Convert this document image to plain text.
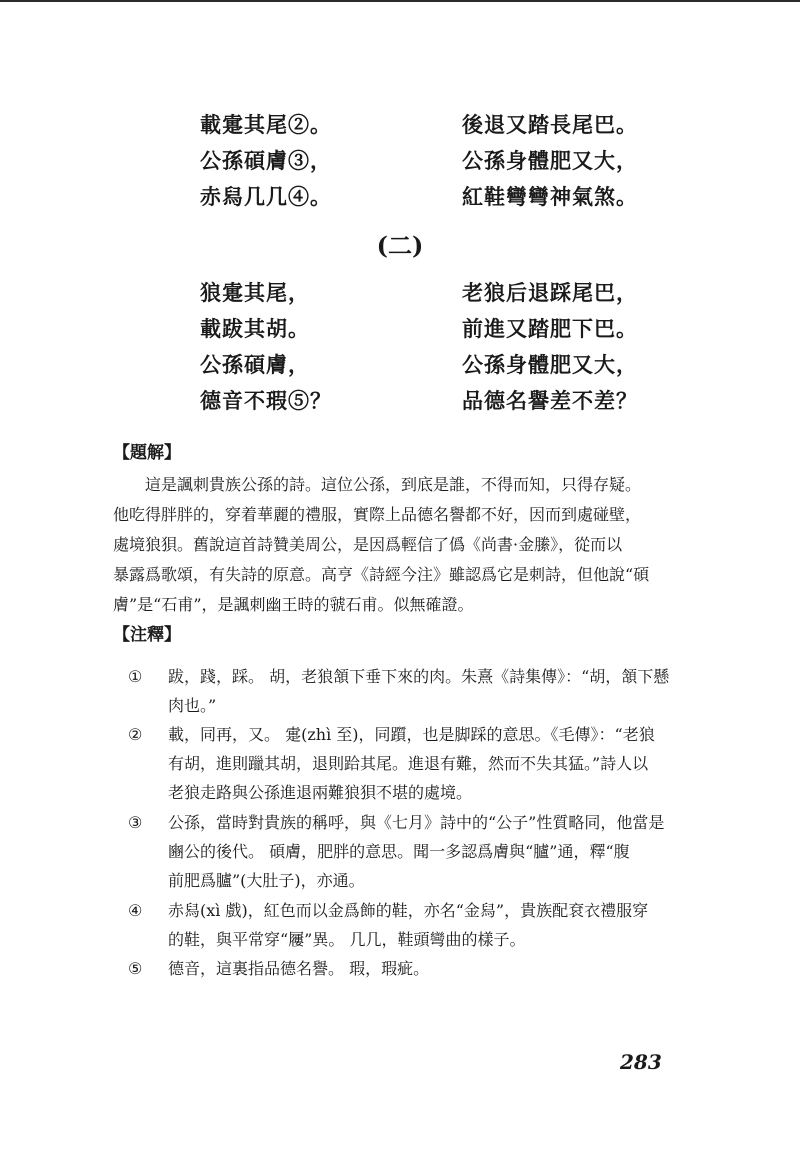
載疐其尾②。	後退又踏長尾巴。
公孫碩膚③，	公孫身體肥又大，
赤舄几几④。	紅鞋彎彎神氣煞。
(二)
狼疐其尾，	老狼后退踩尾巴，
載跋其胡。	前進又踏肥下巴。
公孫碩膚，	公孫身體肥又大，
德音不瑕⑤？	品德名譽差不差？
【題解】
這是諷刺貴族公孫的詩。這位公孫，到底是誰，不得而知，只得存疑。
他吃得胖胖的，穿着華麗的禮服，實際上品德名譽都不好，因而到處碰壁，
處境狼狽。舊說這首詩贊美周公，是因爲輕信了僞《尚書·金縢》，從而以
暴露爲歌頌，有失詩的原意。高亨《詩經今注》雖認爲它是刺詩，但他說“碩
膚”是“石甫”，是諷刺幽王時的虢石甫。似無確證。
【注釋】
①	跋，踐，踩。 胡，老狼頷下垂下來的肉。朱熹《詩集傳》：“胡，頷下懸
肉也。”
②	載，同再，又。 疐(zhì 至)，同躓，也是脚踩的意思。《毛傳》：“老狼
有胡，進則躐其胡，退則跲其尾。進退有難，然而不失其猛。”詩人以
老狼走路與公孫進退兩難狼狽不堪的處境。
③	公孫，當時對貴族的稱呼，與《七月》詩中的“公子”性質略同，他當是
豳公的後代。 碩膚，肥胖的意思。聞一多認爲膚與“臚”通，釋“腹
前肥爲臚”(大肚子)，亦通。
④	赤舄(xì 戲)，紅色而以金爲飾的鞋，亦名“金舄”，貴族配袞衣禮服穿
的鞋，與平常穿“屨”異。 几几，鞋頭彎曲的樣子。
⑤	德音，這裏指品德名譽。 瑕，瑕疵。
283
